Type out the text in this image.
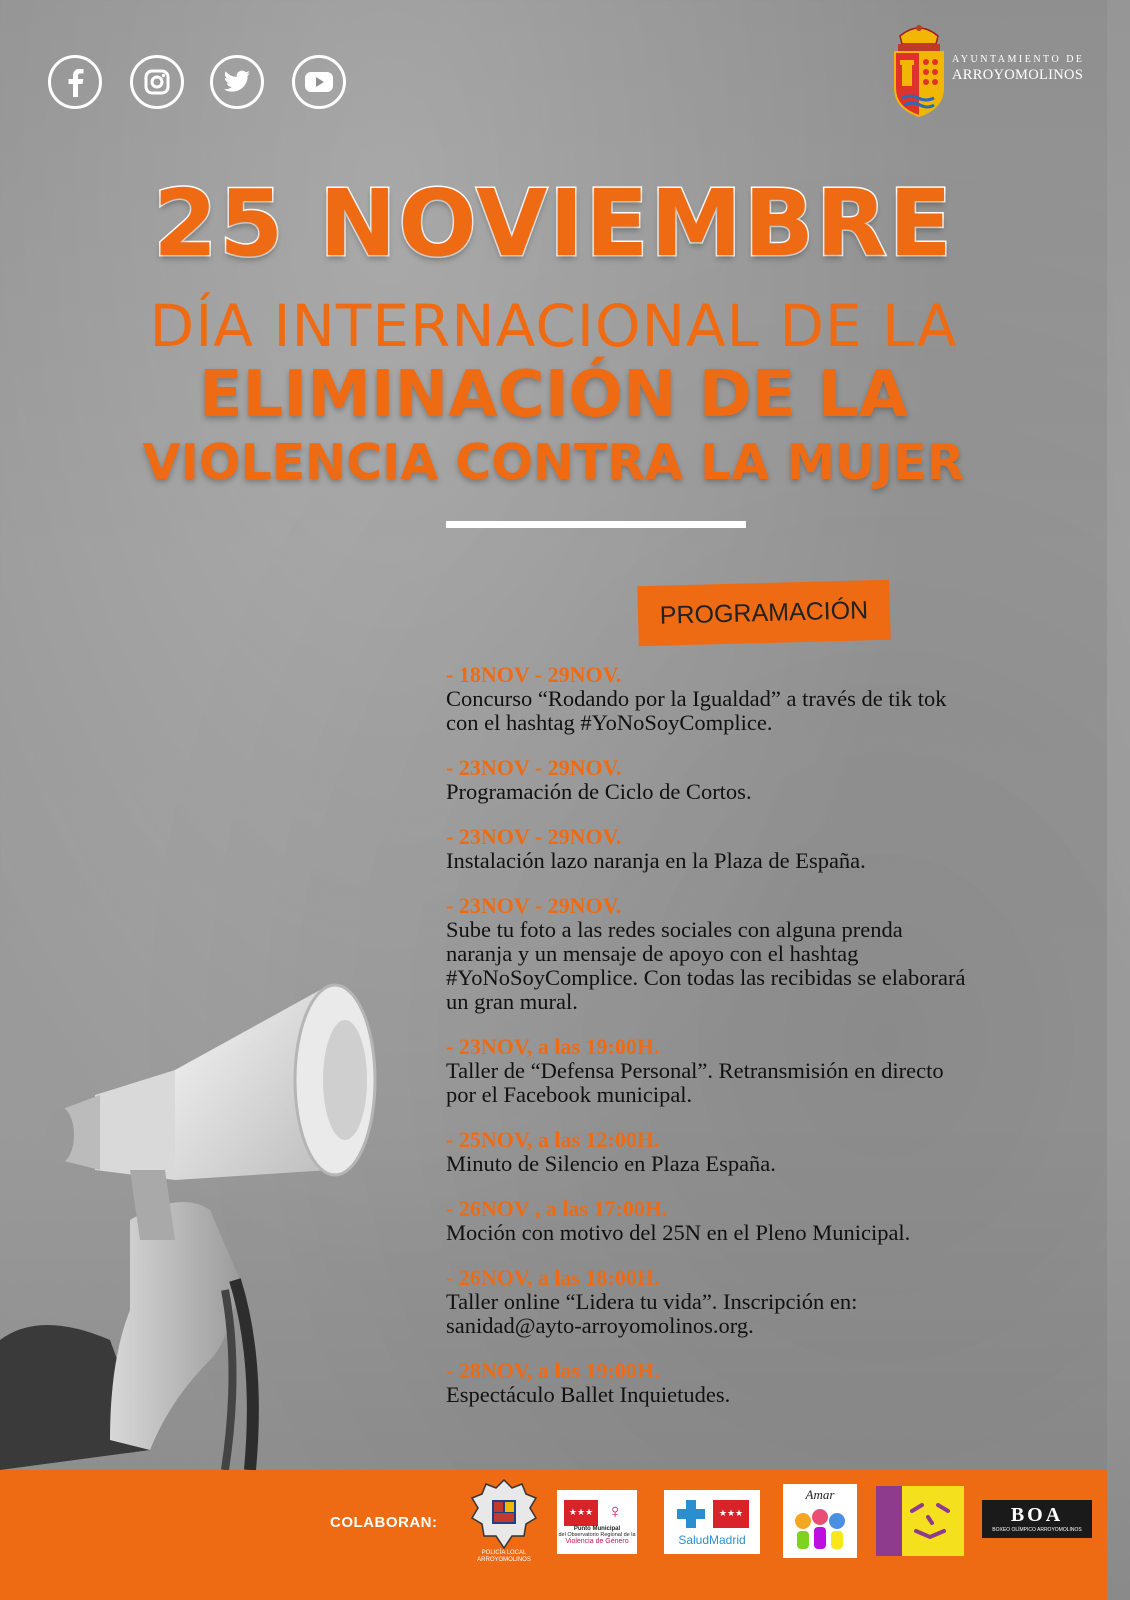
AYUNTAMIENTO DE
ARROYOMOLINOS
25 NOVIEMBRE
DÍA INTERNACIONAL DE LA
ELIMINACIÓN DE LA
VIOLENCIA CONTRA LA MUJER
PROGRAMACIÓN
- 18NOV - 29NOV.
Concurso “Rodando por la Igualdad” a través de tik tok
con el hashtag #YoNoSoyComplice.
- 23NOV - 29NOV.
Programación de Ciclo de Cortos.
- 23NOV - 29NOV.
Instalación lazo naranja en la Plaza de España.
- 23NOV - 29NOV.
Sube tu foto a las redes sociales con alguna prenda
naranja y un mensaje de apoyo con el hashtag
#YoNoSoyComplice. Con todas las recibidas se elaborará
un gran mural.
- 23NOV, a las 19:00H.
Taller de “Defensa Personal”. Retransmisión en directo
por el Facebook municipal.
- 25NOV, a las 12:00H.
Minuto de Silencio en Plaza España.
- 26NOV , a las 17:00H.
Moción con motivo del 25N en el Pleno Municipal.
- 26NOV, a las 18:00H.
Taller online “Lidera tu vida”. Inscripción en:
sanidad@ayto-arroyomolinos.org.
- 28NOV, a las 19:00H.
Espectáculo Ballet Inquietudes.
COLABORAN:
POLICÍA LOCAL ARROYOMOLINOS
★★★ ♀
Punto Municipal
del Observatorio Regional de la
Violencia de Género
★★★
SaludMadrid
Amar
BOA
BOXEO OLÍMPICO ARROYOMOLINOS
